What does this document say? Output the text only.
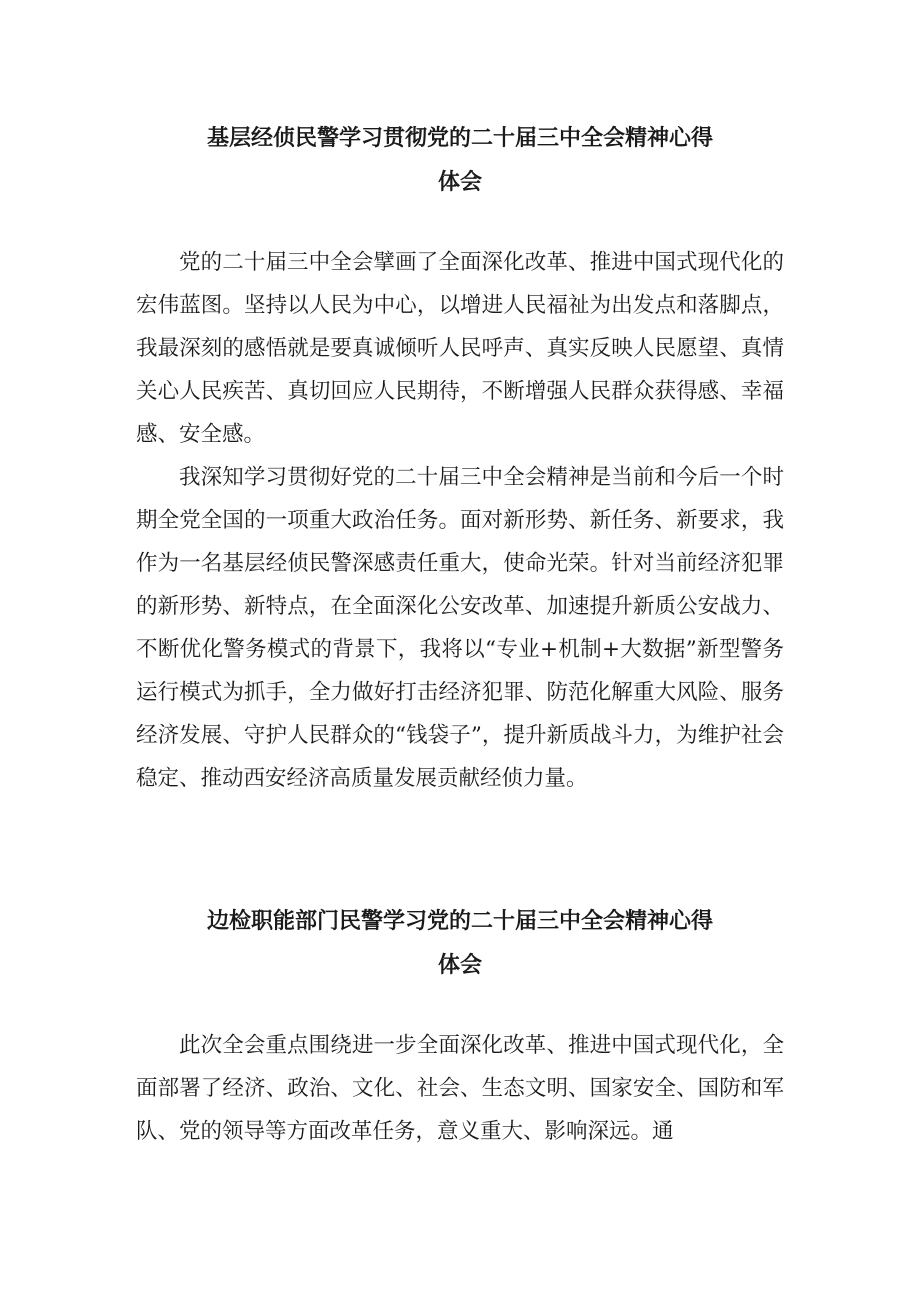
基层经侦民警学习贯彻党的二十届三中全会精神心得
体会

党的二十届三中全会擘画了全面深化改革、推进中国式现代化的宏伟蓝图。坚持以人民为中心，以增进人民福祉为出发点和落脚点，我最深刻的感悟就是要真诚倾听人民呼声、真实反映人民愿望、真情关心人民疾苦、真切回应人民期待，不断增强人民群众获得感、幸福感、安全感。

我深知学习贯彻好党的二十届三中全会精神是当前和今后一个时期全党全国的一项重大政治任务。面对新形势、新任务、新要求，我作为一名基层经侦民警深感责任重大，使命光荣。针对当前经济犯罪的新形势、新特点，在全面深化公安改革、加速提升新质公安战力、不断优化警务模式的背景下，我将以“专业+机制+大数据”新型警务运行模式为抓手，全力做好打击经济犯罪、防范化解重大风险、服务经济发展、守护人民群众的“钱袋子”，提升新质战斗力，为维护社会稳定、推动西安经济高质量发展贡献经侦力量。

边检职能部门民警学习党的二十届三中全会精神心得
体会

此次全会重点围绕进一步全面深化改革、推进中国式现代化，全面部署了经济、政治、文化、社会、生态文明、国家安全、国防和军队、党的领导等方面改革任务，意义重大、影响深远。通
